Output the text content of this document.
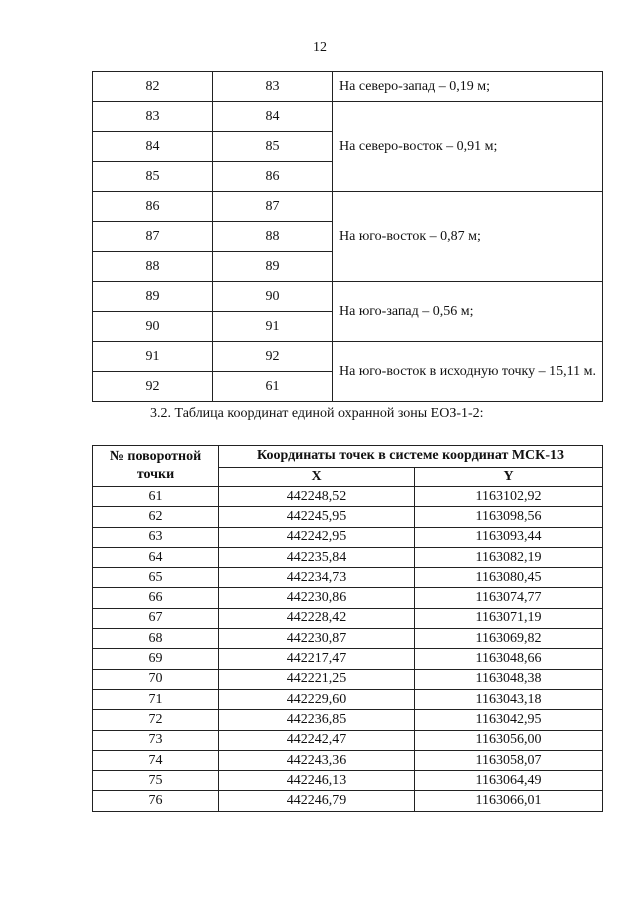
12
82	83	На северо-запад – 0,19 м;
83	84	На северо-восток – 0,91 м;
84	85	
85	86	
86	87	На юго-восток – 0,87 м;
87	88	
88	89	
89	90	На юго-запад – 0,56 м;
90	91	
91	92	На юго-восток в исходную точку – 15,11 м.
92	61	
3.2. Таблица координат единой охранной зоны ЕОЗ-1-2:
№ поворотной точки	Координаты точек в системе координат МСК-13	
	X	Y
61	442248,52	1163102,92
62	442245,95	1163098,56
63	442242,95	1163093,44
64	442235,84	1163082,19
65	442234,73	1163080,45
66	442230,86	1163074,77
67	442228,42	1163071,19
68	442230,87	1163069,82
69	442217,47	1163048,66
70	442221,25	1163048,38
71	442229,60	1163043,18
72	442236,85	1163042,95
73	442242,47	1163056,00
74	442243,36	1163058,07
75	442246,13	1163064,49
76	442246,79	1163066,01
